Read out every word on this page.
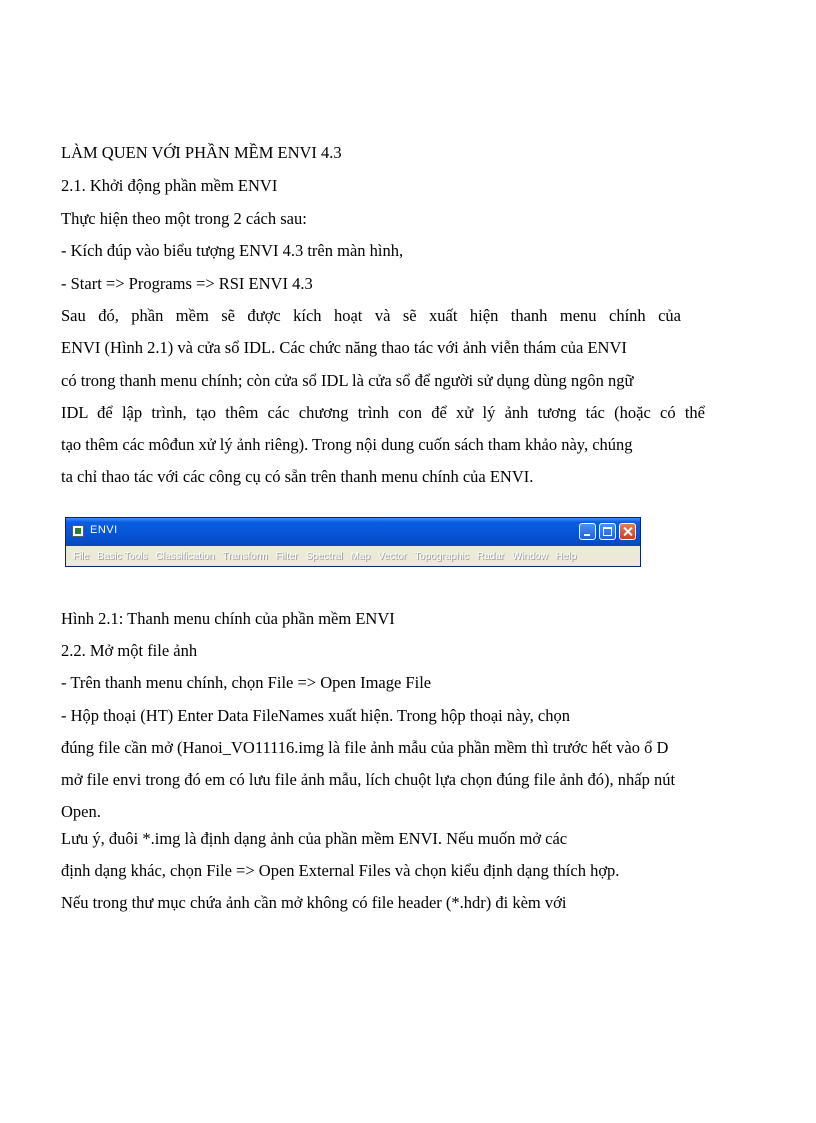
LÀM QUEN VỚI PHẦN MỀM ENVI 4.3
2.1. Khởi động phần mềm ENVI
Thực hiện theo một trong 2 cách sau:
- Kích đúp vào biểu tượng ENVI 4.3 trên màn hình,
- Start => Programs => RSI ENVI 4.3
Sau đó, phần mềm sẽ được kích hoạt và sẽ xuất hiện thanh menu chính của
ENVI (Hình 2.1) và cửa sổ IDL. Các chức năng thao tác với ảnh viễn thám của ENVI
có trong thanh menu chính; còn cửa sổ IDL là cửa sổ để người sử dụng dùng ngôn ngữ
IDL để lập trình, tạo thêm các chương trình con để xử lý ảnh tương tác (hoặc có thể
tạo thêm các môđun xử lý ảnh riêng). Trong nội dung cuốn sách tham khảo này, chúng
ta chỉ thao tác với các công cụ có sẵn trên thanh menu chính của ENVI.
ENVI
File Basic Tools Classification Transform Filter Spectral Map Vector Topographic Radar Window Help
Hình 2.1: Thanh menu chính của phần mềm ENVI
2.2. Mở một file ảnh
- Trên thanh menu chính, chọn File => Open Image File
- Hộp thoại (HT) Enter Data FileNames xuất hiện. Trong hộp thoại này, chọn
đúng file cần mở (Hanoi_VO11116.img là file ảnh mẫu của phần mềm thì trước hết vào ổ D
mở file envi trong đó em có lưu file ảnh mẫu, lích chuột lựa chọn đúng file ảnh đó), nhấp nút
Open.
Lưu ý, đuôi *.img là định dạng ảnh của phần mềm ENVI. Nếu muốn mở các
định dạng khác, chọn File => Open External Files và chọn kiểu định dạng thích hợp.
Nếu trong thư mục chứa ảnh cần mở không có file header (*.hdr) đi kèm với
